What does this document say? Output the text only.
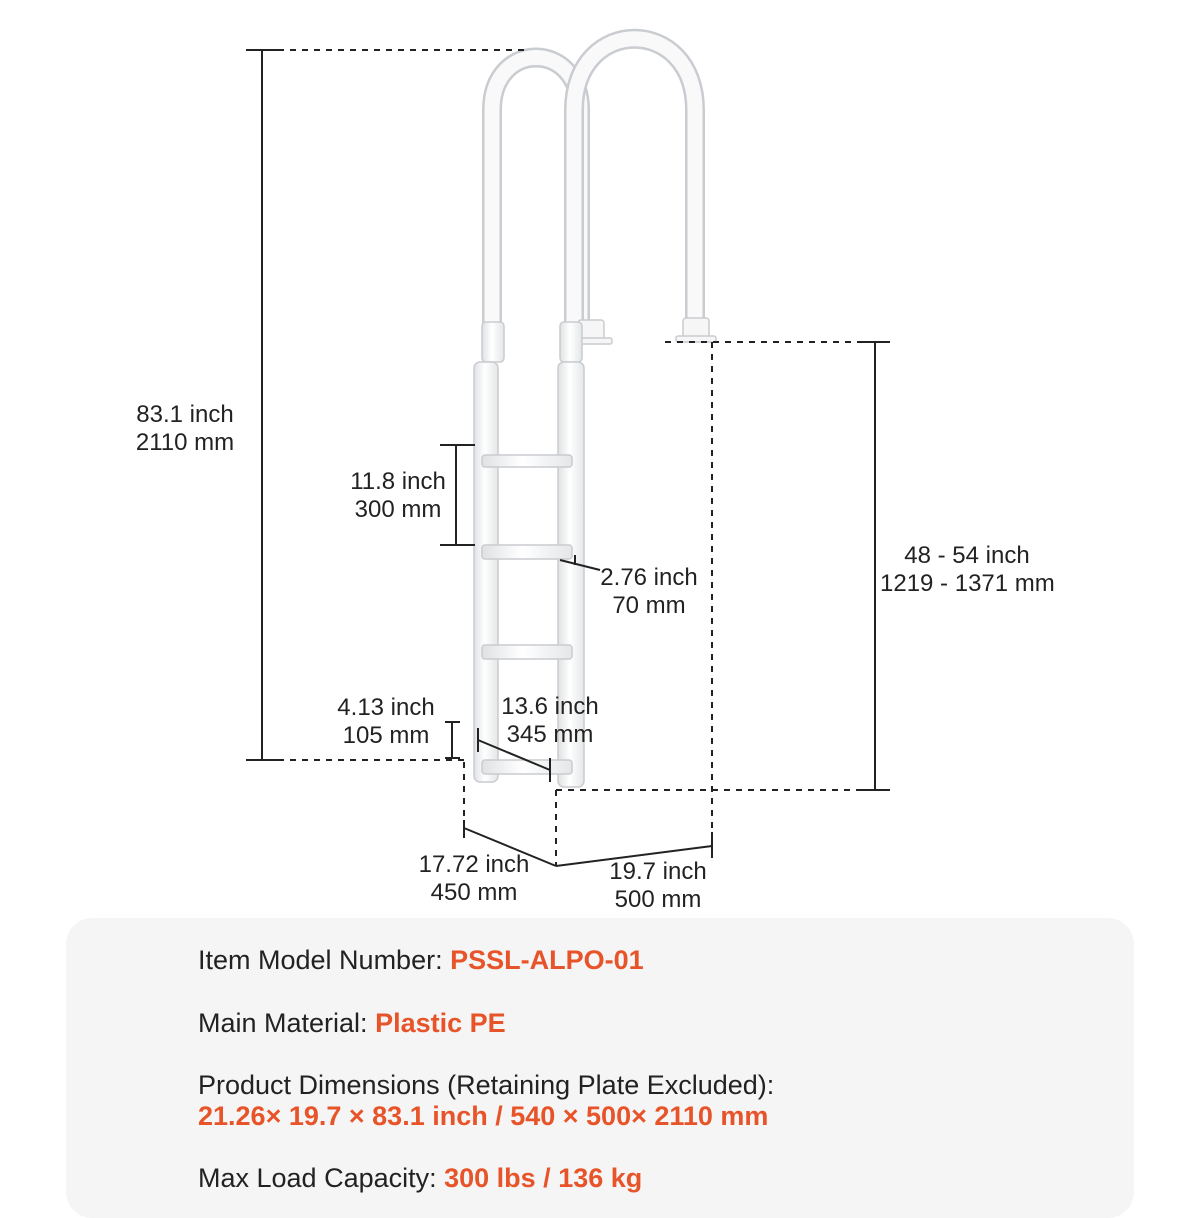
83.1 inch
2110 mm
11.8 inch
300 mm
2.76 inch
70 mm
48 - 54 inch
1219 - 1371 mm
4.13 inch
105 mm
13.6 inch
345 mm
17.72 inch
450 mm
19.7 inch
500 mm
Item Model Number: PSSL-ALPO-01
Main Material: Plastic PE
Product Dimensions (Retaining Plate Excluded):
21.26× 19.7 × 83.1 inch / 540 × 500× 2110 mm
Max Load Capacity: 300 lbs / 136 kg
